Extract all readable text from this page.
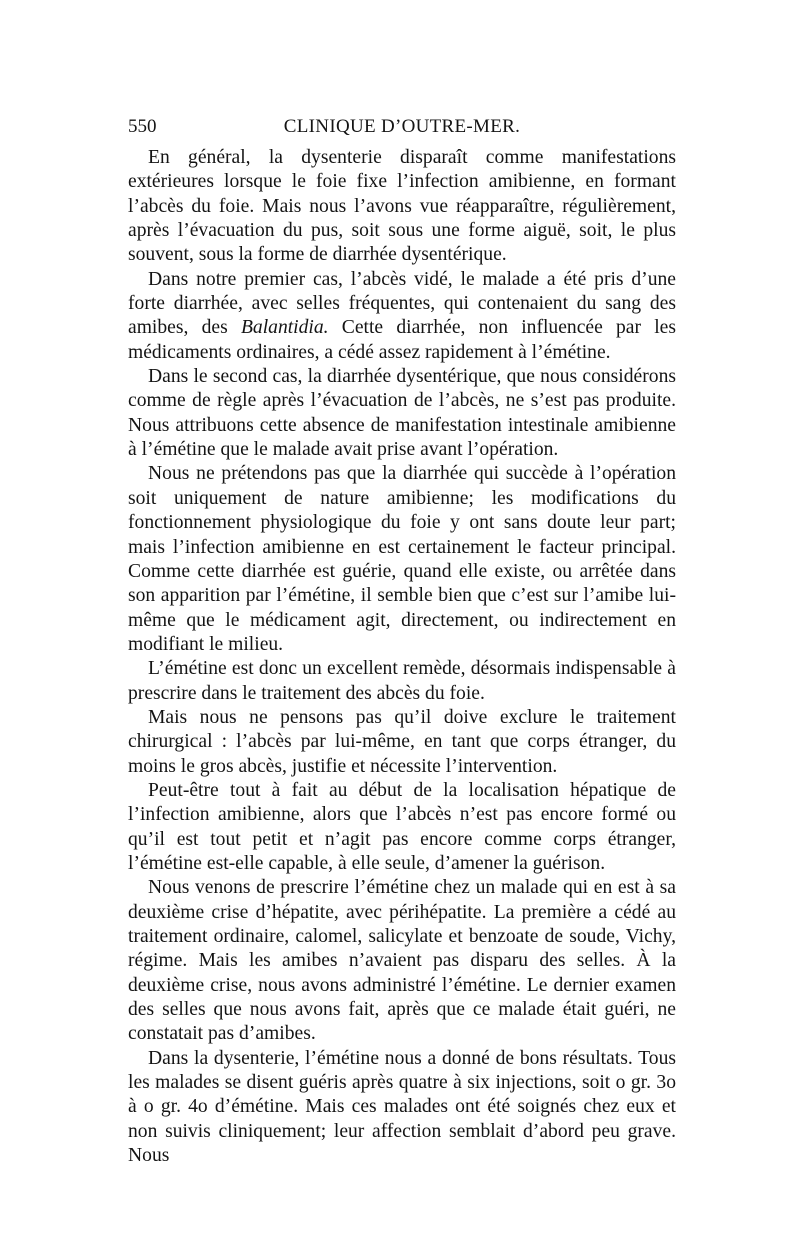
550	CLINIQUE D’OUTRE-MER.

En général, la dysenterie disparaît comme manifestations extérieures lorsque le foie fixe l’infection amibienne, en formant l’abcès du foie. Mais nous l’avons vue réapparaître, régulièrement, après l’évacuation du pus, soit sous une forme aiguë, soit, le plus souvent, sous la forme de diarrhée dysentérique.

Dans notre premier cas, l’abcès vidé, le malade a été pris d’une forte diarrhée, avec selles fréquentes, qui contenaient du sang des amibes, des Balantidia. Cette diarrhée, non influencée par les médicaments ordinaires, a cédé assez rapidement à l’émétine.

Dans le second cas, la diarrhée dysentérique, que nous considérons comme de règle après l’évacuation de l’abcès, ne s’est pas produite. Nous attribuons cette absence de manifestation intestinale amibienne à l’émétine que le malade avait prise avant l’opération.

Nous ne prétendons pas que la diarrhée qui succède à l’opération soit uniquement de nature amibienne; les modifications du fonctionnement physiologique du foie y ont sans doute leur part; mais l’infection amibienne en est certainement le facteur principal. Comme cette diarrhée est guérie, quand elle existe, ou arrêtée dans son apparition par l’émétine, il semble bien que c’est sur l’amibe lui-même que le médicament agit, directement, ou indirectement en modifiant le milieu.

L’émétine est donc un excellent remède, désormais indispensable à prescrire dans le traitement des abcès du foie.

Mais nous ne pensons pas qu’il doive exclure le traitement chirurgical : l’abcès par lui-même, en tant que corps étranger, du moins le gros abcès, justifie et nécessite l’intervention.

Peut-être tout à fait au début de la localisation hépatique de l’infection amibienne, alors que l’abcès n’est pas encore formé ou qu’il est tout petit et n’agit pas encore comme corps étranger, l’émétine est-elle capable, à elle seule, d’amener la guérison.

Nous venons de prescrire l’émétine chez un malade qui en est à sa deuxième crise d’hépatite, avec périhépatite. La première a cédé au traitement ordinaire, calomel, salicylate et benzoate de soude, Vichy, régime. Mais les amibes n’avaient pas disparu des selles. À la deuxième crise, nous avons administré l’émétine. Le dernier examen des selles que nous avons fait, après que ce malade était guéri, ne constatait pas d’amibes.

Dans la dysenterie, l’émétine nous a donné de bons résultats. Tous les malades se disent guéris après quatre à six injections, soit o gr. 3o à o gr. 4o d’émétine. Mais ces malades ont été soignés chez eux et non suivis cliniquement; leur affection semblait d’abord peu grave. Nous
